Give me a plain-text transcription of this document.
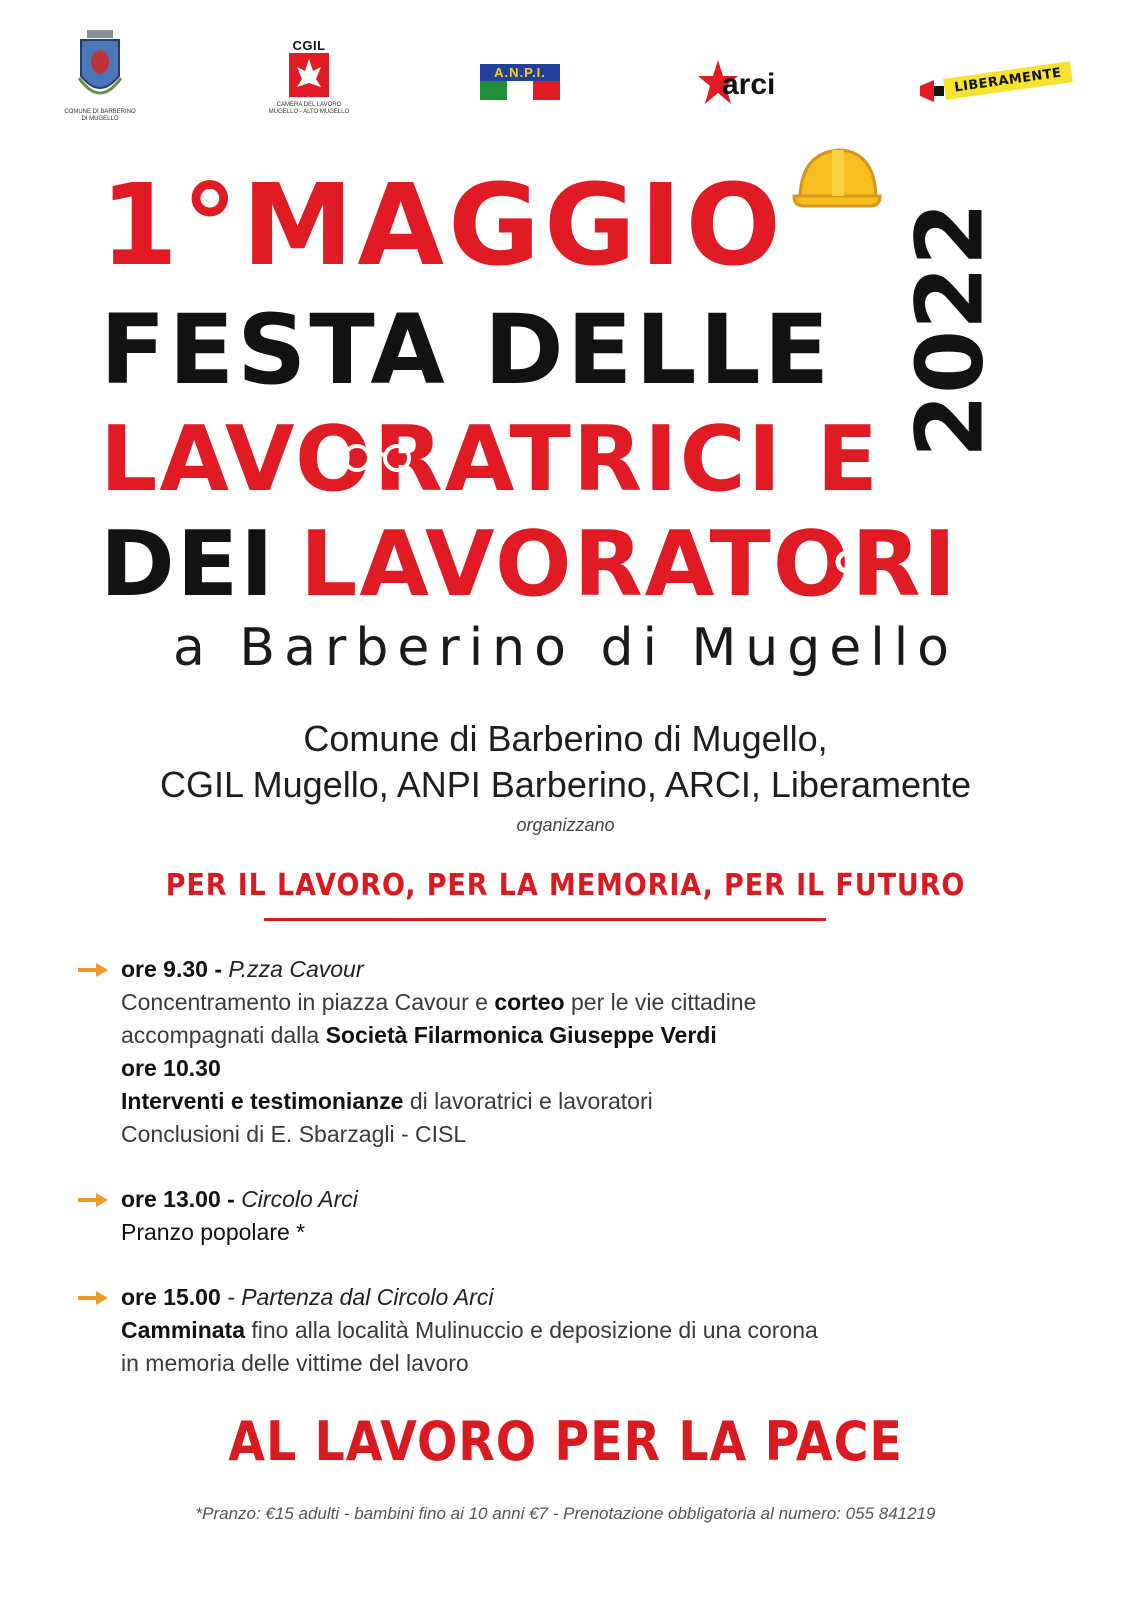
COMUNE DI BARBERINO DI MUGELLO
CGIL
CAMERA DEL LAVORO MUGELLO - ALTO MUGELLO
A.N.P.I.	arci	LIBERAMENTE
1°MAGGIO
FESTA DELLE
LAVORATRICI E
DEI LAVORATORI
2022
a Barberino di Mugello
Comune di Barberino di Mugello,
CGIL Mugello, ANPI Barberino, ARCI, Liberamente
organizzano
PER IL LAVORO, PER LA MEMORIA, PER IL FUTURO
ore 9.30 - P.zza Cavour
Concentramento in piazza Cavour e corteo per le vie cittadine
accompagnati dalla Società Filarmonica Giuseppe Verdi
ore 10.30
Interventi e testimonianze di lavoratrici e lavoratori
Conclusioni di E. Sbarzagli - CISL
ore 13.00 - Circolo Arci
Pranzo popolare *
ore 15.00 - Partenza dal Circolo Arci
Camminata fino alla località Mulinuccio e deposizione di una corona
in memoria delle vittime del lavoro
AL LAVORO PER LA PACE
*Pranzo: €15 adulti - bambini fino ai 10 anni €7 - Prenotazione obbligatoria al numero: 055 841219
